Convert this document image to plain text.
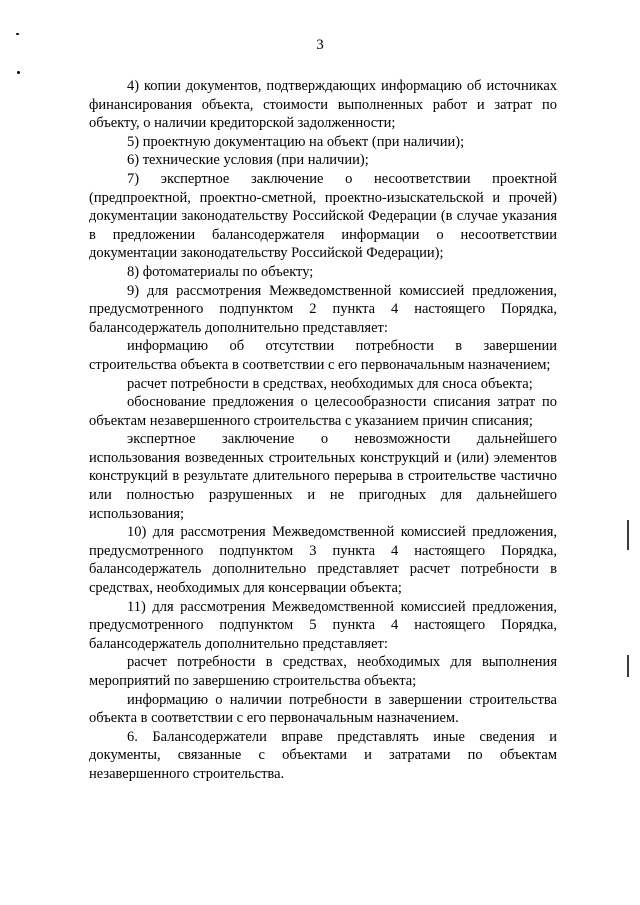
3

4) копии документов, подтверждающих информацию об источниках финансирования объекта, стоимости выполненных работ и затрат по объекту, о наличии кредиторской задолженности;

5) проектную документацию на объект (при наличии);

6) технические условия (при наличии);

7) экспертное заключение о несоответствии проектной (предпроектной, проектно-сметной, проектно-изыскательской и прочей) документации законодательству Российской Федерации (в случае указания в предложении балансодержателя информации о несоответствии документации законодательству Российской Федерации);

8) фотоматериалы по объекту;

9) для рассмотрения Межведомственной комиссией предложения, предусмотренного подпунктом 2 пункта 4 настоящего Порядка, балансодержатель дополнительно представляет:

информацию об отсутствии потребности в завершении строительства объекта в соответствии с его первоначальным назначением;

расчет потребности в средствах, необходимых для сноса объекта;

обоснование предложения о целесообразности списания затрат по объектам незавершенного строительства с указанием причин списания;

экспертное заключение о невозможности дальнейшего использования возведенных строительных конструкций и (или) элементов конструкций в результате длительного перерыва в строительстве частично или полностью разрушенных и не пригодных для дальнейшего использования;

10) для рассмотрения Межведомственной комиссией предложения, предусмотренного подпунктом 3 пункта 4 настоящего Порядка, балансодержатель дополнительно представляет расчет потребности в средствах, необходимых для консервации объекта;

11) для рассмотрения Межведомственной комиссией предложения, предусмотренного подпунктом 5 пункта 4 настоящего Порядка, балансодержатель дополнительно представляет:

расчет потребности в средствах, необходимых для выполнения мероприятий по завершению строительства объекта;

информацию о наличии потребности в завершении строительства объекта в соответствии с его первоначальным назначением.

6. Балансодержатели вправе представлять иные сведения и документы, связанные с объектами и затратами по объектам незавершенного строительства.
